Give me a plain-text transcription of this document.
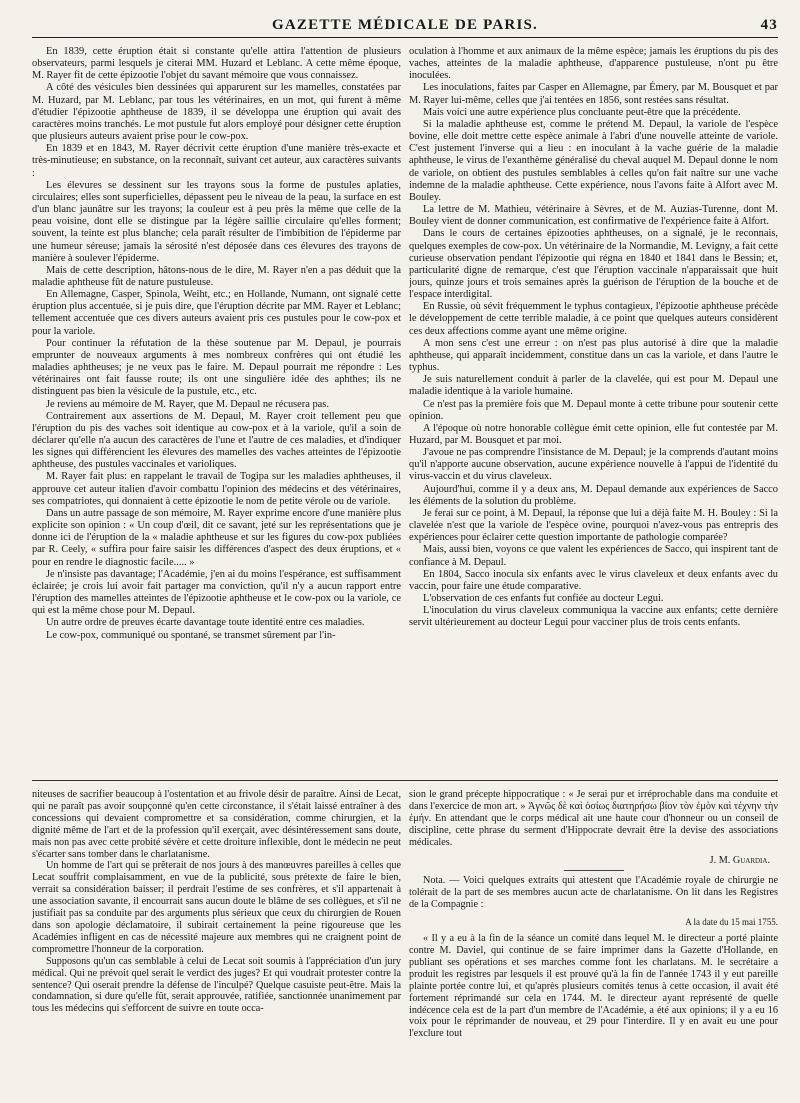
GAZETTE MÉDICALE DE PARIS.	43

En 1839, cette éruption était si constante qu'elle attira l'attention de plusieurs observateurs, parmi lesquels je citerai MM. Huzard et Leblanc. A cette même époque, M. Rayer fit de cette épizootie l'objet du savant mémoire que vous connaissez.

A côté des vésicules bien dessinées qui apparurent sur les mamelles, constatées par M. Huzard, par M. Leblanc, par tous les vétérinaires, en un mot, qui furent à même d'étudier l'épizootie aphtheuse de 1839, il se développa une éruption qui avait des caractères moins tranchés. Le mot pustule fut alors employé pour désigner cette éruption que plusieurs auteurs avaient prise pour le cow-pox.

En 1839 et en 1843, M. Rayer décrivit cette éruption d'une manière très-exacte et très-minutieuse; en substance, on la reconnaît, suivant cet auteur, aux caractères suivants :

Les élevures se dessinent sur les trayons sous la forme de pustules aplaties, circulaires; elles sont superficielles, dépassent peu le niveau de la peau, la surface en est d'un blanc jaunâtre sur les trayons; la couleur est à peu près la même que celle de la peau voisine, dont elle se distingue par la légère saillie circulaire qu'elles forment; souvent, la teinte est plus blanche; cela paraît résulter de l'imbibition de l'épiderme par une humeur séreuse; jamais la sérosité n'est déposée dans ces élevures des trayons de manière à soulever l'épiderme.

Mais de cette description, hâtons-nous de le dire, M. Rayer n'en a pas déduit que la maladie aphtheuse fût de nature pustuleuse.

En Allemagne, Casper, Spinola, Weiht, etc.; en Hollande, Numann, ont signalé cette éruption plus accentuée, si je puis dire, que l'éruption décrite par MM. Rayer et Leblanc; tellement accentuée que ces divers auteurs avaient pris ces pustules pour le cow-pox et pour la variole.

Pour continuer la réfutation de la thèse soutenue par M. Depaul, je pourrais emprunter de nouveaux arguments à mes nombreux confrères qui ont étudié les maladies aphtheuses; je ne veux pas le faire. M. Depaul pourrait me répondre : Les vétérinaires ont fait fausse route; ils ont une singulière idée des aphthes; ils ne distinguent pas bien la vésicule de la pustule, etc., etc.

Je reviens au mémoire de M. Rayer, que M. Depaul ne récusera pas.

Contrairement aux assertions de M. Depaul, M. Rayer croit tellement peu que l'éruption du pis des vaches soit identique au cow-pox et à la variole, qu'il a soin de déclarer qu'elle n'a aucun des caractères de l'une et l'autre de ces maladies, et d'indiquer les signes qui différencient les élevures des mamelles des vaches atteintes de l'épizootie aphtheuse, des pustules vaccinales et varioliques.

M. Rayer fait plus: en rappelant le travail de Togipa sur les maladies aphtheuses, il approuve cet auteur italien d'avoir combattu l'opinion des médecins et des vétérinaires, ses compatriotes, qui donnaient à cette épizootie le nom de petite vérole ou de variole.

Dans un autre passage de son mémoire, M. Rayer exprime encore d'une manière plus explicite son opinion : « Un coup d'œil, dit ce savant, jeté sur les représentations que je donne ici de l'éruption de la « maladie aphtheuse et sur les figures du cow-pox publiées par R. Ceely, « suffira pour faire saisir les différences d'aspect des deux éruptions, et « pour en rendre le diagnostic facile..... »

Je n'insiste pas davantage; l'Académie, j'en ai du moins l'espérance, est suffisamment éclairée; je crois lui avoir fait partager ma conviction, qu'il n'y a aucun rapport entre l'éruption des mamelles atteintes de l'épizootie aphtheuse et le cow-pox ou la variole, ce qui est la même chose pour M. Depaul.

Un autre ordre de preuves écarte davantage toute identité entre ces maladies.

Le cow-pox, communiqué ou spontané, se transmet sûrement par l'in-

oculation à l'homme et aux animaux de la même espèce; jamais les éruptions du pis des vaches, atteintes de la maladie aphtheuse, d'apparence pustuleuse, n'ont pu être inoculées.

Les inoculations, faites par Casper en Allemagne, par Émery, par M. Bousquet et par M. Rayer lui-même, celles que j'ai tentées en 1856, sont restées sans résultat.

Mais voici une autre expérience plus concluante peut-être que la précédente.

Si la maladie aphtheuse est, comme le prétend M. Depaul, la variole de l'espèce bovine, elle doit mettre cette espèce animale à l'abri d'une nouvelle atteinte de variole. C'est justement l'inverse qui a lieu : en inoculant à la vache guérie de la maladie aphtheuse, le virus de l'exanthème généralisé du cheval auquel M. Depaul donne le nom de variole, on obtient des pustules semblables à celles qu'on fait naître sur une vache indemne de la maladie aphtheuse. Cette expérience, nous l'avons faite à Alfort avec M. Bouley.

La lettre de M. Mathieu, vétérinaire à Sèvres, et de M. Auzias-Turenne, dont M. Bouley vient de donner communication, est confirmative de l'expérience faite à Alfort.

Dans le cours de certaines épizooties aphtheuses, on a signalé, je le reconnais, quelques exemples de cow-pox. Un vétérinaire de la Normandie, M. Levigny, a fait cette curieuse observation pendant l'épizootie qui régna en 1840 et 1841 dans le Bessin; et, particularité digne de remarque, c'est que l'éruption vaccinale n'apparaissait que huit jours, quinze jours et trois semaines après la guérison de l'éruption de la bouche et de l'espace interdigital.

En Russie, où sévit fréquemment le typhus contagieux, l'épizootie aphtheuse précède le développement de cette terrible maladie, à ce point que quelques auteurs considèrent ces deux affections comme ayant une même origine.

A mon sens c'est une erreur : on n'est pas plus autorisé à dire que la maladie aphtheuse, qui apparaît incidemment, constitue dans un cas la variole, et dans l'autre le typhus.

Je suis naturellement conduit à parler de la clavelée, qui est pour M. Depaul une maladie identique à la variole humaine.

Ce n'est pas la première fois que M. Depaul monte à cette tribune pour soutenir cette opinion.

A l'époque où notre honorable collègue émit cette opinion, elle fut contestée par M. Huzard, par M. Bousquet et par moi.

J'avoue ne pas comprendre l'insistance de M. Depaul; je la comprends d'autant moins qu'il n'apporte aucune observation, aucune expérience nouvelle à l'appui de l'identité du virus-vaccin et du virus claveleux.

Aujourd'hui, comme il y a deux ans, M. Depaul demande aux expériences de Sacco les éléments de la solution du problème.

Je ferai sur ce point, à M. Depaul, la réponse que lui a déjà faite M. H. Bouley : Si la clavelée n'est que la variole de l'espèce ovine, pourquoi n'avez-vous pas entrepris des expériences pour éclairer cette question importante de pathologie comparée?

Mais, aussi bien, voyons ce que valent les expériences de Sacco, qui inspirent tant de confiance à M. Depaul.

En 1804, Sacco inocula six enfants avec le virus claveleux et deux enfants avec du vaccin, pour faire une étude comparative.

L'observation de ces enfants fut confiée au docteur Legui.

L'inoculation du virus claveleux communiqua la vaccine aux enfants; cette dernière servit ultérieurement au docteur Legui pour vacciner plus de trois cents enfants.

niteuses de sacrifier beaucoup à l'ostentation et au frivole désir de paraître. Ainsi de Lecat, qui ne paraît pas avoir soupçonné qu'en cette circonstance, il s'était laissé entraîner à des concessions qui devaient compromettre et sa considération, comme chirurgien, et la dignité même de l'art et de la profession qu'il exerçait, avec désintéressement sans doute, mais non pas avec cette probité sévère et cette droiture inflexible, dont le médecin ne peut s'écarter sans tomber dans le charlatanisme.

Un homme de l'art qui se prêterait de nos jours à des manœuvres pareilles à celles que Lecat souffrit complaisamment, en vue de la publicité, sous prétexte de faire le bien, verrait sa considération baisser; il perdrait l'estime de ses confrères, et s'il appartenait à une association savante, il encourrait sans aucun doute le blâme de ses collègues, et s'il ne justifiait pas sa conduite par des arguments plus sérieux que ceux du chirurgien de Rouen dans son apologie déclamatoire, il subirait certainement la peine rigoureuse que les Académies infligent en cas de nécessité majeure aux membres qui ne craignent point de compromettre l'honneur de la corporation.

Supposons qu'un cas semblable à celui de Lecat soit soumis à l'appréciation d'un jury médical. Qui ne prévoit quel serait le verdict des juges? Et qui voudrait protester contre la sentence? Qui oserait prendre la défense de l'inculpé? Quelque casuiste peut-être. Mais la condamnation, si dure qu'elle fût, serait approuvée, ratifiée, sanctionnée unanimement par tous les médecins qui s'efforcent de suivre en toute occa-

sion le grand précepte hippocratique : « Je serai pur et irréprochable dans ma conduite et dans l'exercice de mon art. » Ἁγνῶς δὲ καὶ ὁσίως διατηρήσω βίον τὸν ἐμὸν καὶ τέχνην τὴν ἐμήν. En attendant que le corps médical ait une haute cour d'honneur ou un conseil de discipline, cette phrase du serment d'Hippocrate devrait être la devise des associations médicales.

J. M. Guardia.

Nota. — Voici quelques extraits qui attestent que l'Académie royale de chirurgie ne tolérait de la part de ses membres aucun acte de charlatanisme. On lit dans les Registres de la Compagnie :

A la date du 15 mai 1755.

« Il y a eu à la fin de la séance un comité dans lequel M. le directeur a porté plainte contre M. Daviel, qui continue de se faire imprimer dans la Gazette d'Hollande, en publiant ses opérations et ses marches comme font les charlatans. M. le secrétaire a produit les registres par lesquels il est prouvé qu'à la fin de l'année 1743 il y eut pareille plainte portée contre lui, et qu'après plusieurs comités tenus à cette occasion, il avait été fortement réprimandé sur cela en 1744. M. le directeur ayant représenté de quelle indécence cela est de la part d'un membre de l'Académie, a été aux opinions; il y a eu 16 voix pour le réprimander de nouveau, et 29 pour l'interdire. Il y en avait eu une pour l'exclure tout
